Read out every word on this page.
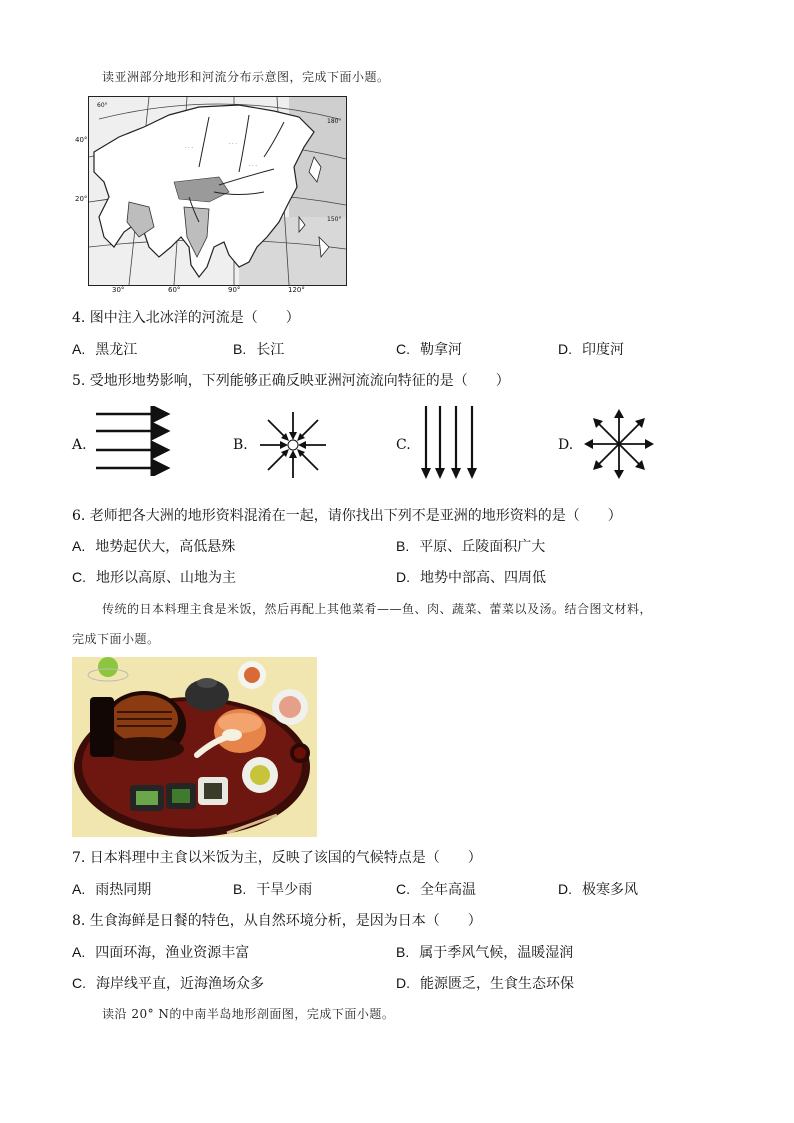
读亚洲部分地形和河流分布示意图，完成下面小题。
· · ·
· · ·
· · ·
60°
180°
150°
40°
20°
30°	60°	90°	120°
4. 图中注入北冰洋的河流是（　　）
A. 黑龙江	B. 长江	C. 勒拿河	D. 印度河
5. 受地形地势影响，下列能够正确反映亚洲河流流向特征的是（　　）
A.	B.	C.	D.
6. 老师把各大洲的地形资料混淆在一起，请你找出下列不是亚洲的地形资料的是（　　）
A. 地势起伏大，高低悬殊	B. 平原、丘陵面积广大
C. 地形以高原、山地为主	D. 地势中部高、四周低
传统的日本料理主食是米饭，然后再配上其他菜肴——鱼、肉、蔬菜、蕾菜以及汤。结合图文材料，
完成下面小题。
7. 日本料理中主食以米饭为主，反映了该国的气候特点是（　　）
A. 雨热同期	B. 干旱少雨	C. 全年高温	D. 极寒多风
8. 生食海鲜是日餐的特色，从自然环境分析，是因为日本（　　）
A. 四面环海，渔业资源丰富	B. 属于季风气候，温暖湿润
C. 海岸线平直，近海渔场众多	D. 能源匮乏，生食生态环保
读沿 20° N的中南半岛地形剖面图，完成下面小题。
